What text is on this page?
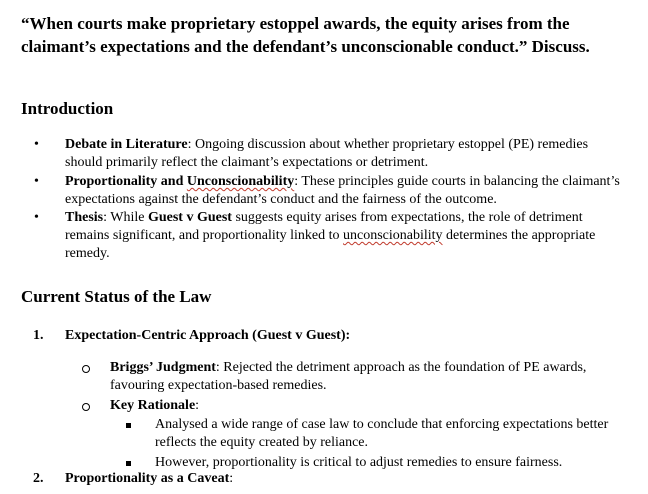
“When courts make proprietary estoppel awards, the equity arises from the claimant’s expectations and the defendant’s unconscionable conduct.” Discuss.
Introduction
• Debate in Literature: Ongoing discussion about whether proprietary estoppel (PE) remedies should primarily reflect the claimant’s expectations or detriment.
• Proportionality and Unconscionability: These principles guide courts in balancing the claimant’s expectations against the defendant’s conduct and the fairness of the outcome.
• Thesis: While Guest v Guest suggests equity arises from expectations, the role of detriment remains significant, and proportionality linked to unconscionability determines the appropriate remedy.
Current Status of the Law
1. Expectation-Centric Approach (Guest v Guest):
Briggs’ Judgment: Rejected the detriment approach as the foundation of PE awards, favouring expectation-based remedies.
Key Rationale:
Analysed a wide range of case law to conclude that enforcing expectations better reflects the equity created by reliance.
However, proportionality is critical to adjust remedies to ensure fairness.
2. Proportionality as a Caveat:
